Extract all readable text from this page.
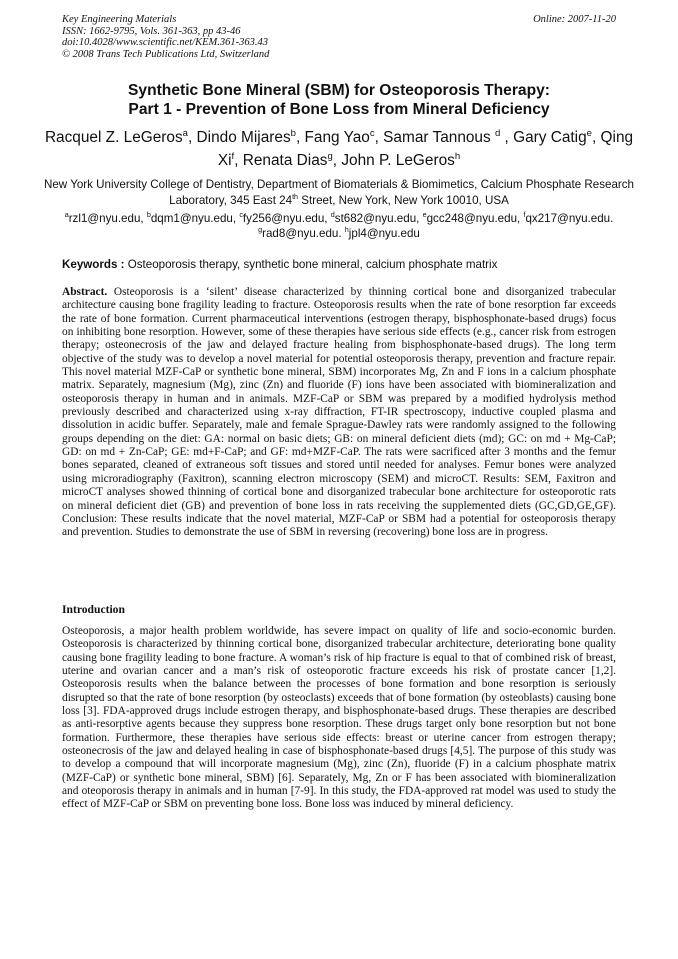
Key Engineering Materials
ISSN: 1662-9795, Vols. 361-363, pp 43-46
doi:10.4028/www.scientific.net/KEM.361-363.43
© 2008 Trans Tech Publications Ltd, Switzerland
Online: 2007-11-20
Synthetic Bone Mineral (SBM) for Osteoporosis Therapy:
Part 1 - Prevention of Bone Loss from Mineral Deficiency
Racquel Z. LeGeros$^a$, Dindo Mijares$^b$, Fang Yao$^c$, Samar Tannous $^d$ , Gary Catig$^e$, Qing Xi$^f$, Renata Dias$^g$, John P. LeGeros$^h$
New York University College of Dentistry, Department of Biomaterials & Biomimetics, Calcium Phosphate Research Laboratory, 345 East 24th Street, New York, New York 10010, USA
$^a$rzl1@nyu.edu, $^b$dqm1@nyu.edu, $^c$fy256@nyu.edu, $^d$st682@nyu.edu, $^e$gcc248@nyu.edu, $^f$qx217@nyu.edu. $^g$rad8@nyu.edu. $^h$jpl4@nyu.edu
Keywords : Osteoporosis therapy, synthetic bone mineral, calcium phosphate matrix
Abstract. Osteoporosis is a ‘silent’ disease characterized by thinning cortical bone and disorganized trabecular architecture causing bone fragility leading to fracture. Osteoporosis results when the rate of bone resorption far exceeds the rate of bone formation. Current pharmaceutical interventions (estrogen therapy, bisphosphonate-based drugs) focus on inhibiting bone resorption. However, some of these therapies have serious side effects (e.g., cancer risk from estrogen therapy; osteonecrosis of the jaw and delayed fracture healing from bisphosphonate-based drugs). The long term objective of the study was to develop a novel material for potential osteoporosis therapy, prevention and fracture repair. This novel material MZF-CaP or synthetic bone mineral, SBM) incorporates Mg, Zn and F ions in a calcium phosphate matrix. Separately, magnesium (Mg), zinc (Zn) and fluoride (F) ions have been associated with biomineralization and osteoporosis therapy in human and in animals. MZF-CaP or SBM was prepared by a modified hydrolysis method previously described and characterized using x-ray diffraction, FT-IR spectroscopy, inductive coupled plasma and dissolution in acidic buffer. Separately, male and female Sprague-Dawley rats were randomly assigned to the following groups depending on the diet: GA: normal on basic diets; GB: on mineral deficient diets (md); GC: on md + Mg-CaP; GD: on md + Zn-CaP; GE: md+F-CaP; and GF: md+MZF-CaP. The rats were sacrificed after 3 months and the femur bones separated, cleaned of extraneous soft tissues and stored until needed for analyses. Femur bones were analyzed using microradiography (Faxitron), scanning electron microscopy (SEM) and microCT. Results: SEM, Faxitron and microCT analyses showed thinning of cortical bone and disorganized trabecular bone architecture for osteoporotic rats on mineral deficient diet (GB) and prevention of bone loss in rats receiving the supplemented diets (GC,GD,GE,GF). Conclusion: These results indicate that the novel material, MZF-CaP or SBM had a potential for osteoporosis therapy and prevention. Studies to demonstrate the use of SBM in reversing (recovering) bone loss are in progress.
Introduction
Osteoporosis, a major health problem worldwide, has severe impact on quality of life and socio-economic burden. Osteoporosis is characterized by thinning cortical bone, disorganized trabecular architecture, deteriorating bone quality causing bone fragility leading to bone fracture. A woman’s risk of hip fracture is equal to that of combined risk of breast, uterine and ovarian cancer and a man’s risk of osteoporotic fracture exceeds his risk of prostate cancer [1,2]. Osteoporosis results when the balance between the processes of bone formation and bone resorption is seriously disrupted so that the rate of bone resorption (by osteoclasts) exceeds that of bone formation (by osteoblasts) causing bone loss [3]. FDA-approved drugs include estrogen therapy, and bisphosphonate-based drugs. These therapies are described as anti-resorptive agents because they suppress bone resorption. These drugs target only bone resorption but not bone formation. Furthermore, these therapies have serious side effects: breast or uterine cancer from estrogen therapy; osteonecrosis of the jaw and delayed healing in case of bisphosphonate-based drugs [4,5]. The purpose of this study was to develop a compound that will incorporate magnesium (Mg), zinc (Zn), fluoride (F) in a calcium phosphate matrix (MZF-CaP) or synthetic bone mineral, SBM) [6]. Separately, Mg, Zn or F has been associated with biomineralization and oteoporosis therapy in animals and in human [7-9]. In this study, the FDA-approved rat model was used to study the effect of MZF-CaP or SBM on preventing bone loss. Bone loss was induced by mineral deficiency.
